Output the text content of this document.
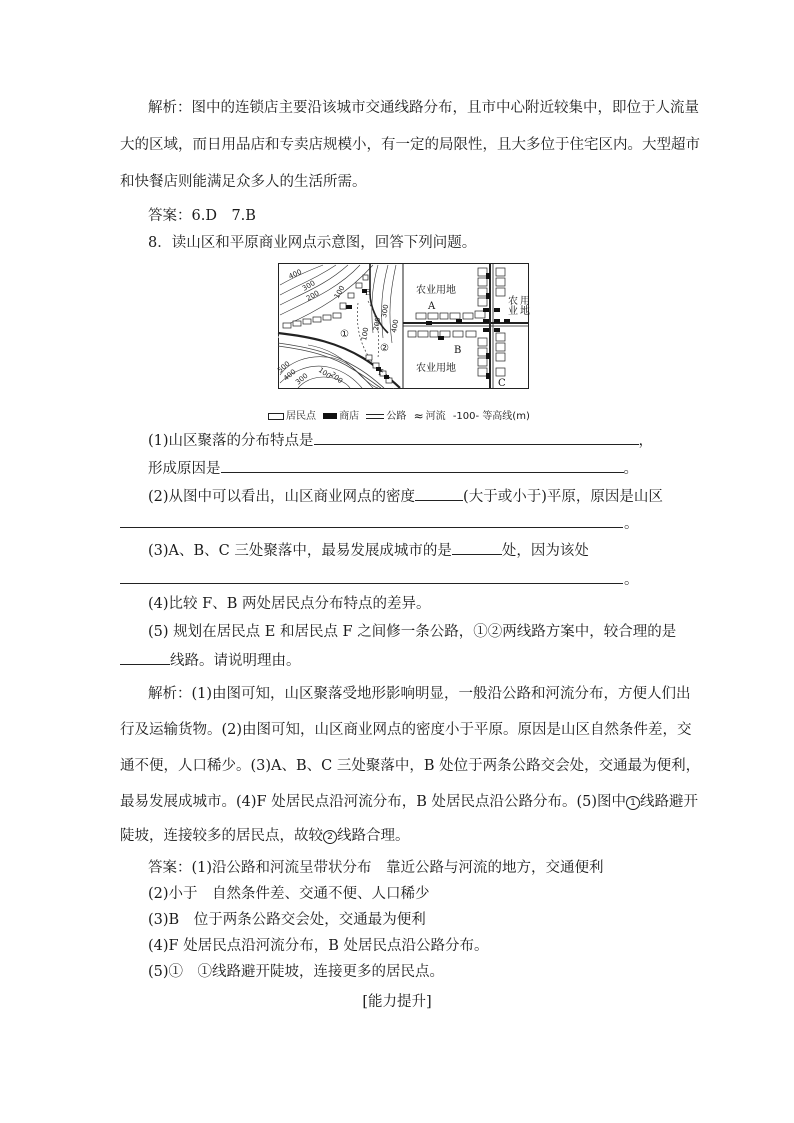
解析：图中的连锁店主要沿该城市交通线路分布，且市中心附近较集中，即位于人流量
大的区域，而日用品店和专卖店规模小，有一定的局限性，且大多位于住宅区内。大型超市
和快餐店则能满足众多人的生活所需。
答案：6.D　7.B
8．读山区和平原商业网点示意图，回答下列问题。
农业用地
农业用地
农业 用地
A
B
C
E
F
①
②
400
300
200 100
100
200
300
400
100
200
300
400
500
居民点 商店	公路 ≈ 河流 -100- 等高线(m)
(1)山区聚落的分布特点是	，
形成原因是	。
(2)从图中可以看出，山区商业网点的密度	(大于或小于)平原，原因是山区
。
(3)A、B、C 三处聚落中，最易发展成城市的是	处，因为该处
。
(4)比较 F、B 两处居民点分布特点的差异。
(5) 规划在居民点 E 和居民点 F 之间修一条公路，①②两线路方案中，较合理的是
线路。请说明理由。
解析：(1)由图可知，山区聚落受地形影响明显，一般沿公路和河流分布，方便人们出
行及运输货物。(2)由图可知，山区商业网点的密度小于平原。原因是山区自然条件差，交
通不便，人口稀少。(3)A、B、C 三处聚落中，B 处位于两条公路交会处，交通最为便利，
最易发展成城市。(4)F 处居民点沿河流分布，B 处居民点沿公路分布。(5)图中 1 线路避开
陡坡，连接较多的居民点，故较 2 线路合理。
答案：(1)沿公路和河流呈带状分布　靠近公路与河流的地方，交通便利
(2)小于　自然条件差、交通不便、人口稀少
(3)B　位于两条公路交会处，交通最为便利
(4)F 处居民点沿河流分布，B 处居民点沿公路分布。
(5)①　①线路避开陡坡，连接更多的居民点。
[能力提升]
